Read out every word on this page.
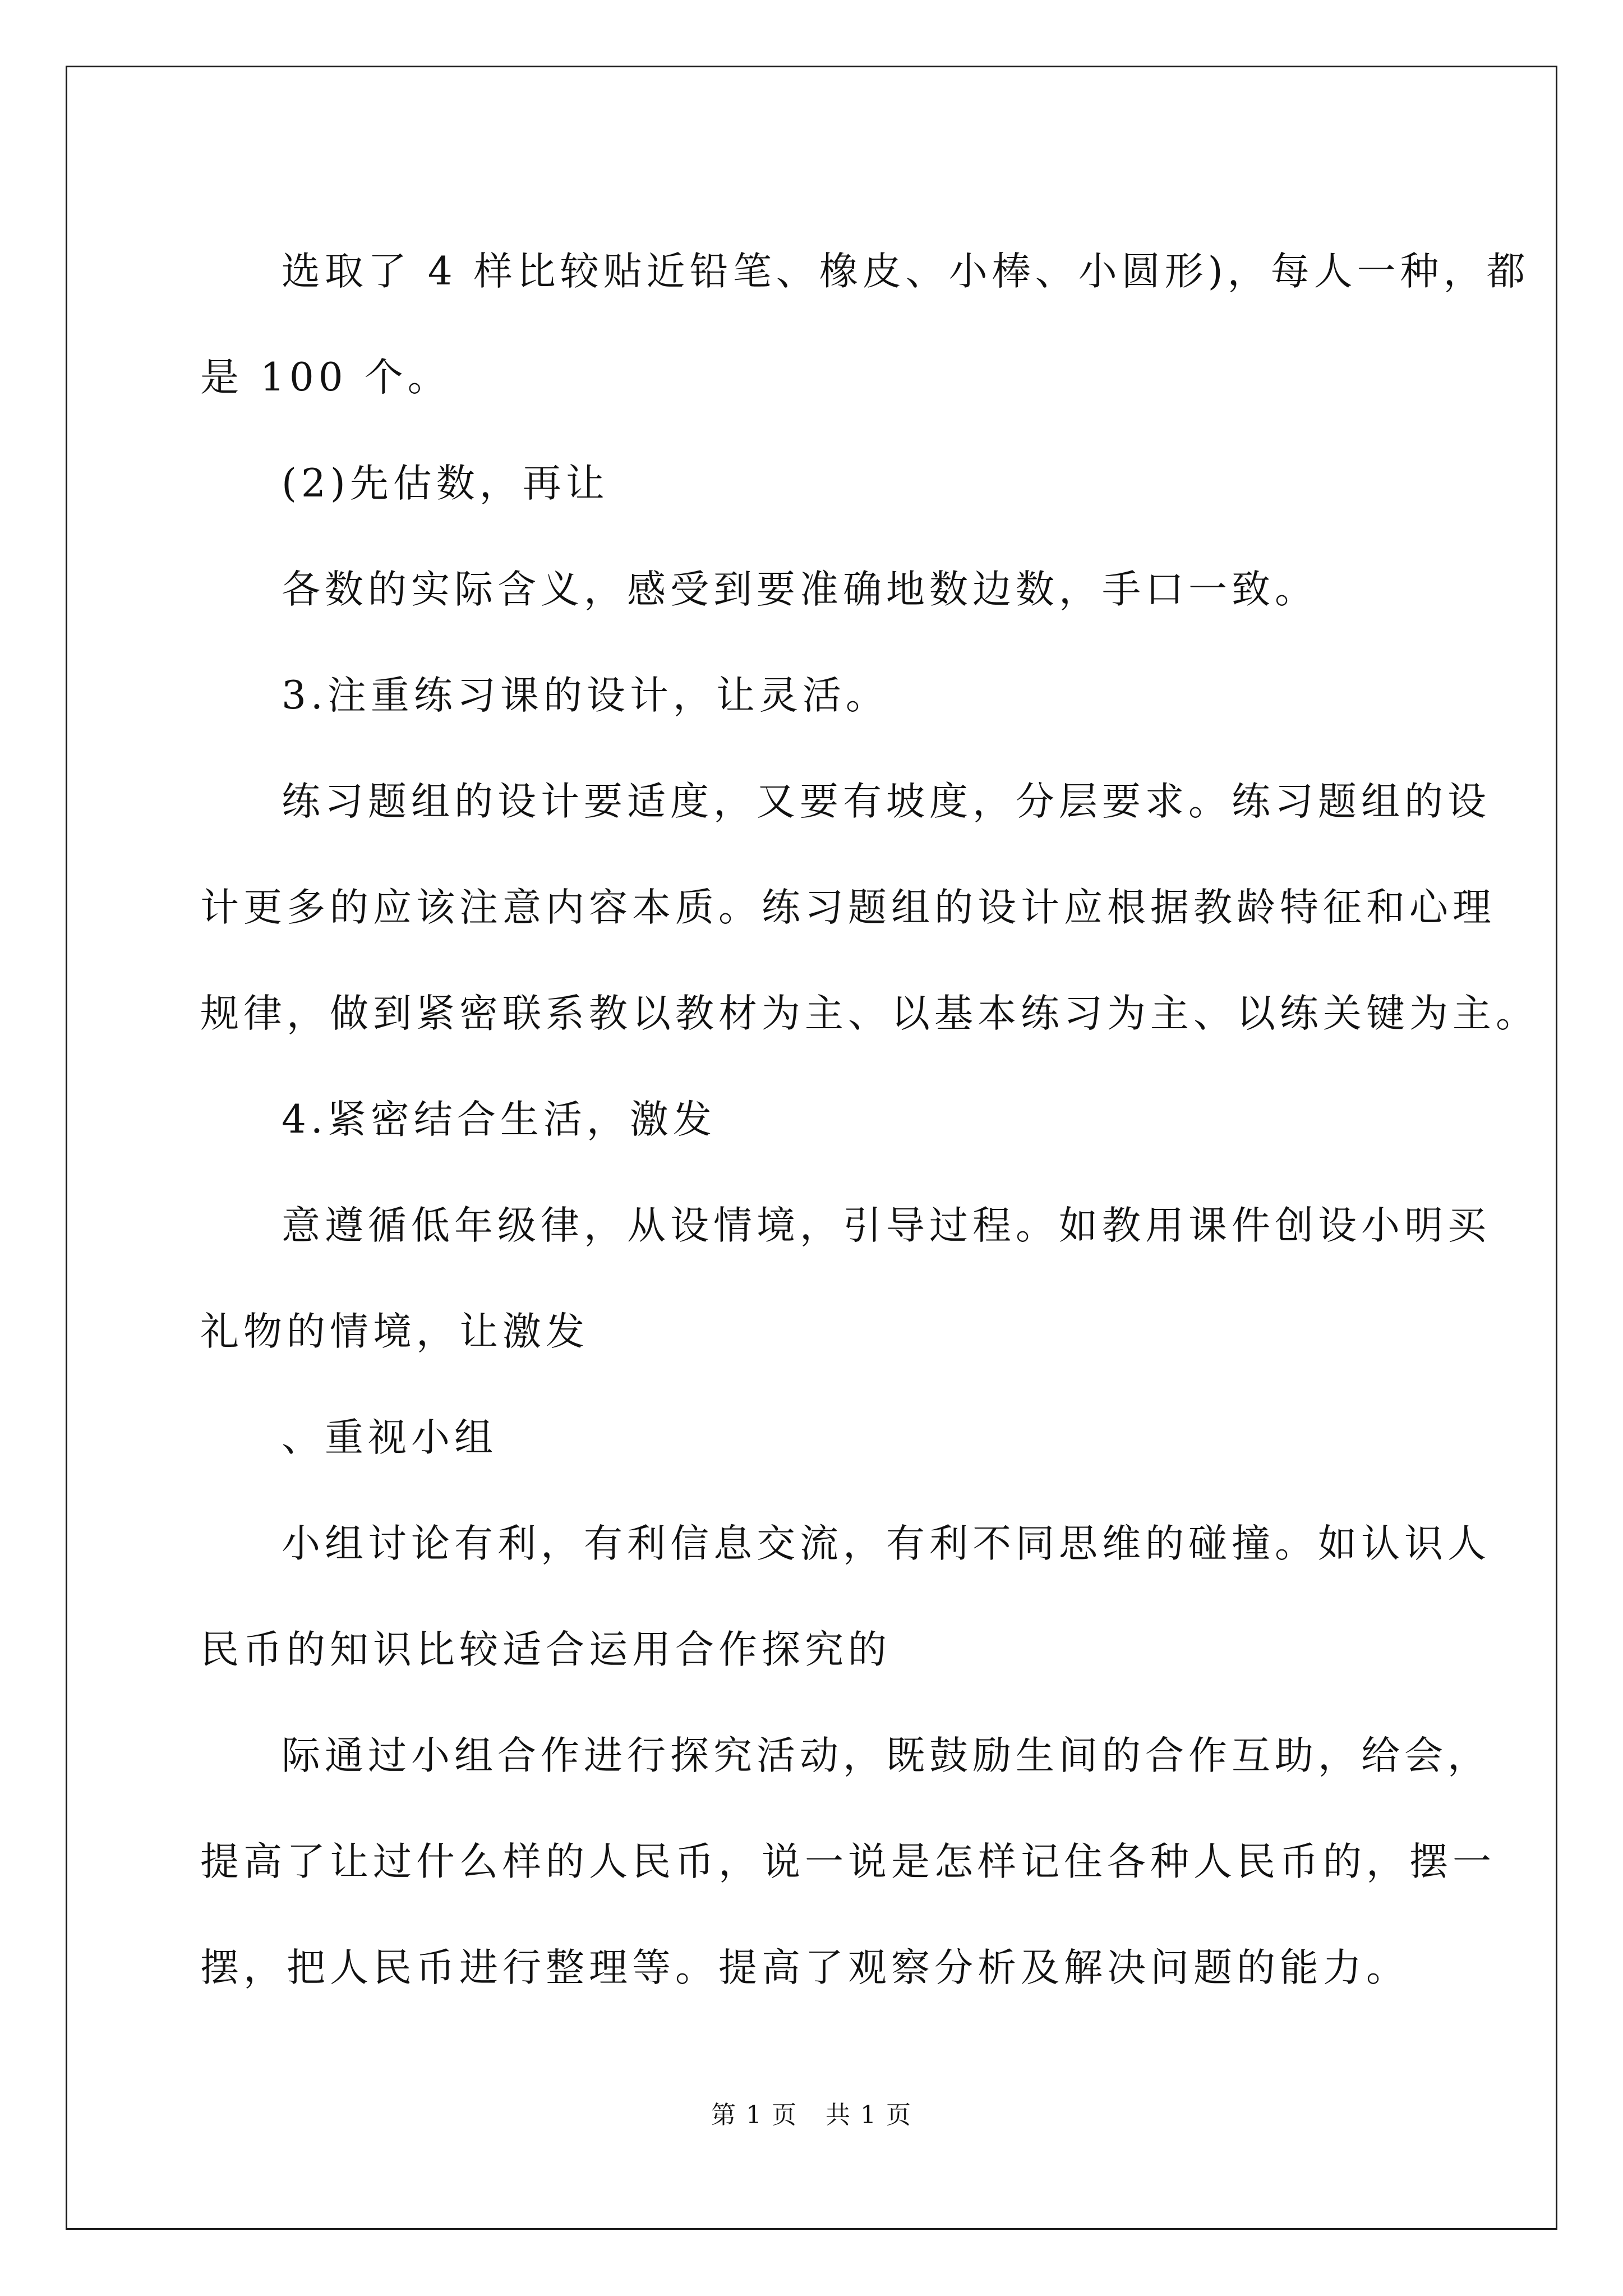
选取了 4 样比较贴近铅笔、橡皮、小棒、小圆形)，每人一种，都

是 100 个。

(2)先估数，再让

各数的实际含义，感受到要准确地数边数，手口一致。

3.注重练习课的设计，让灵活。

练习题组的设计要适度，又要有坡度，分层要求。练习题组的设

计更多的应该注意内容本质。练习题组的设计应根据教龄特征和心理

规律，做到紧密联系教以教材为主、以基本练习为主、以练关键为主。

4.紧密结合生活，激发

意遵循低年级律，从设情境，引导过程。如教用课件创设小明买

礼物的情境，让激发

、重视小组

小组讨论有利，有利信息交流，有利不同思维的碰撞。如认识人

民币的知识比较适合运用合作探究的

际通过小组合作进行探究活动，既鼓励生间的合作互助，给会，

提高了让过什么样的人民币，说一说是怎样记住各种人民币的，摆一

摆，把人民币进行整理等。提高了观察分析及解决问题的能力。

第 1 页 共 1 页
